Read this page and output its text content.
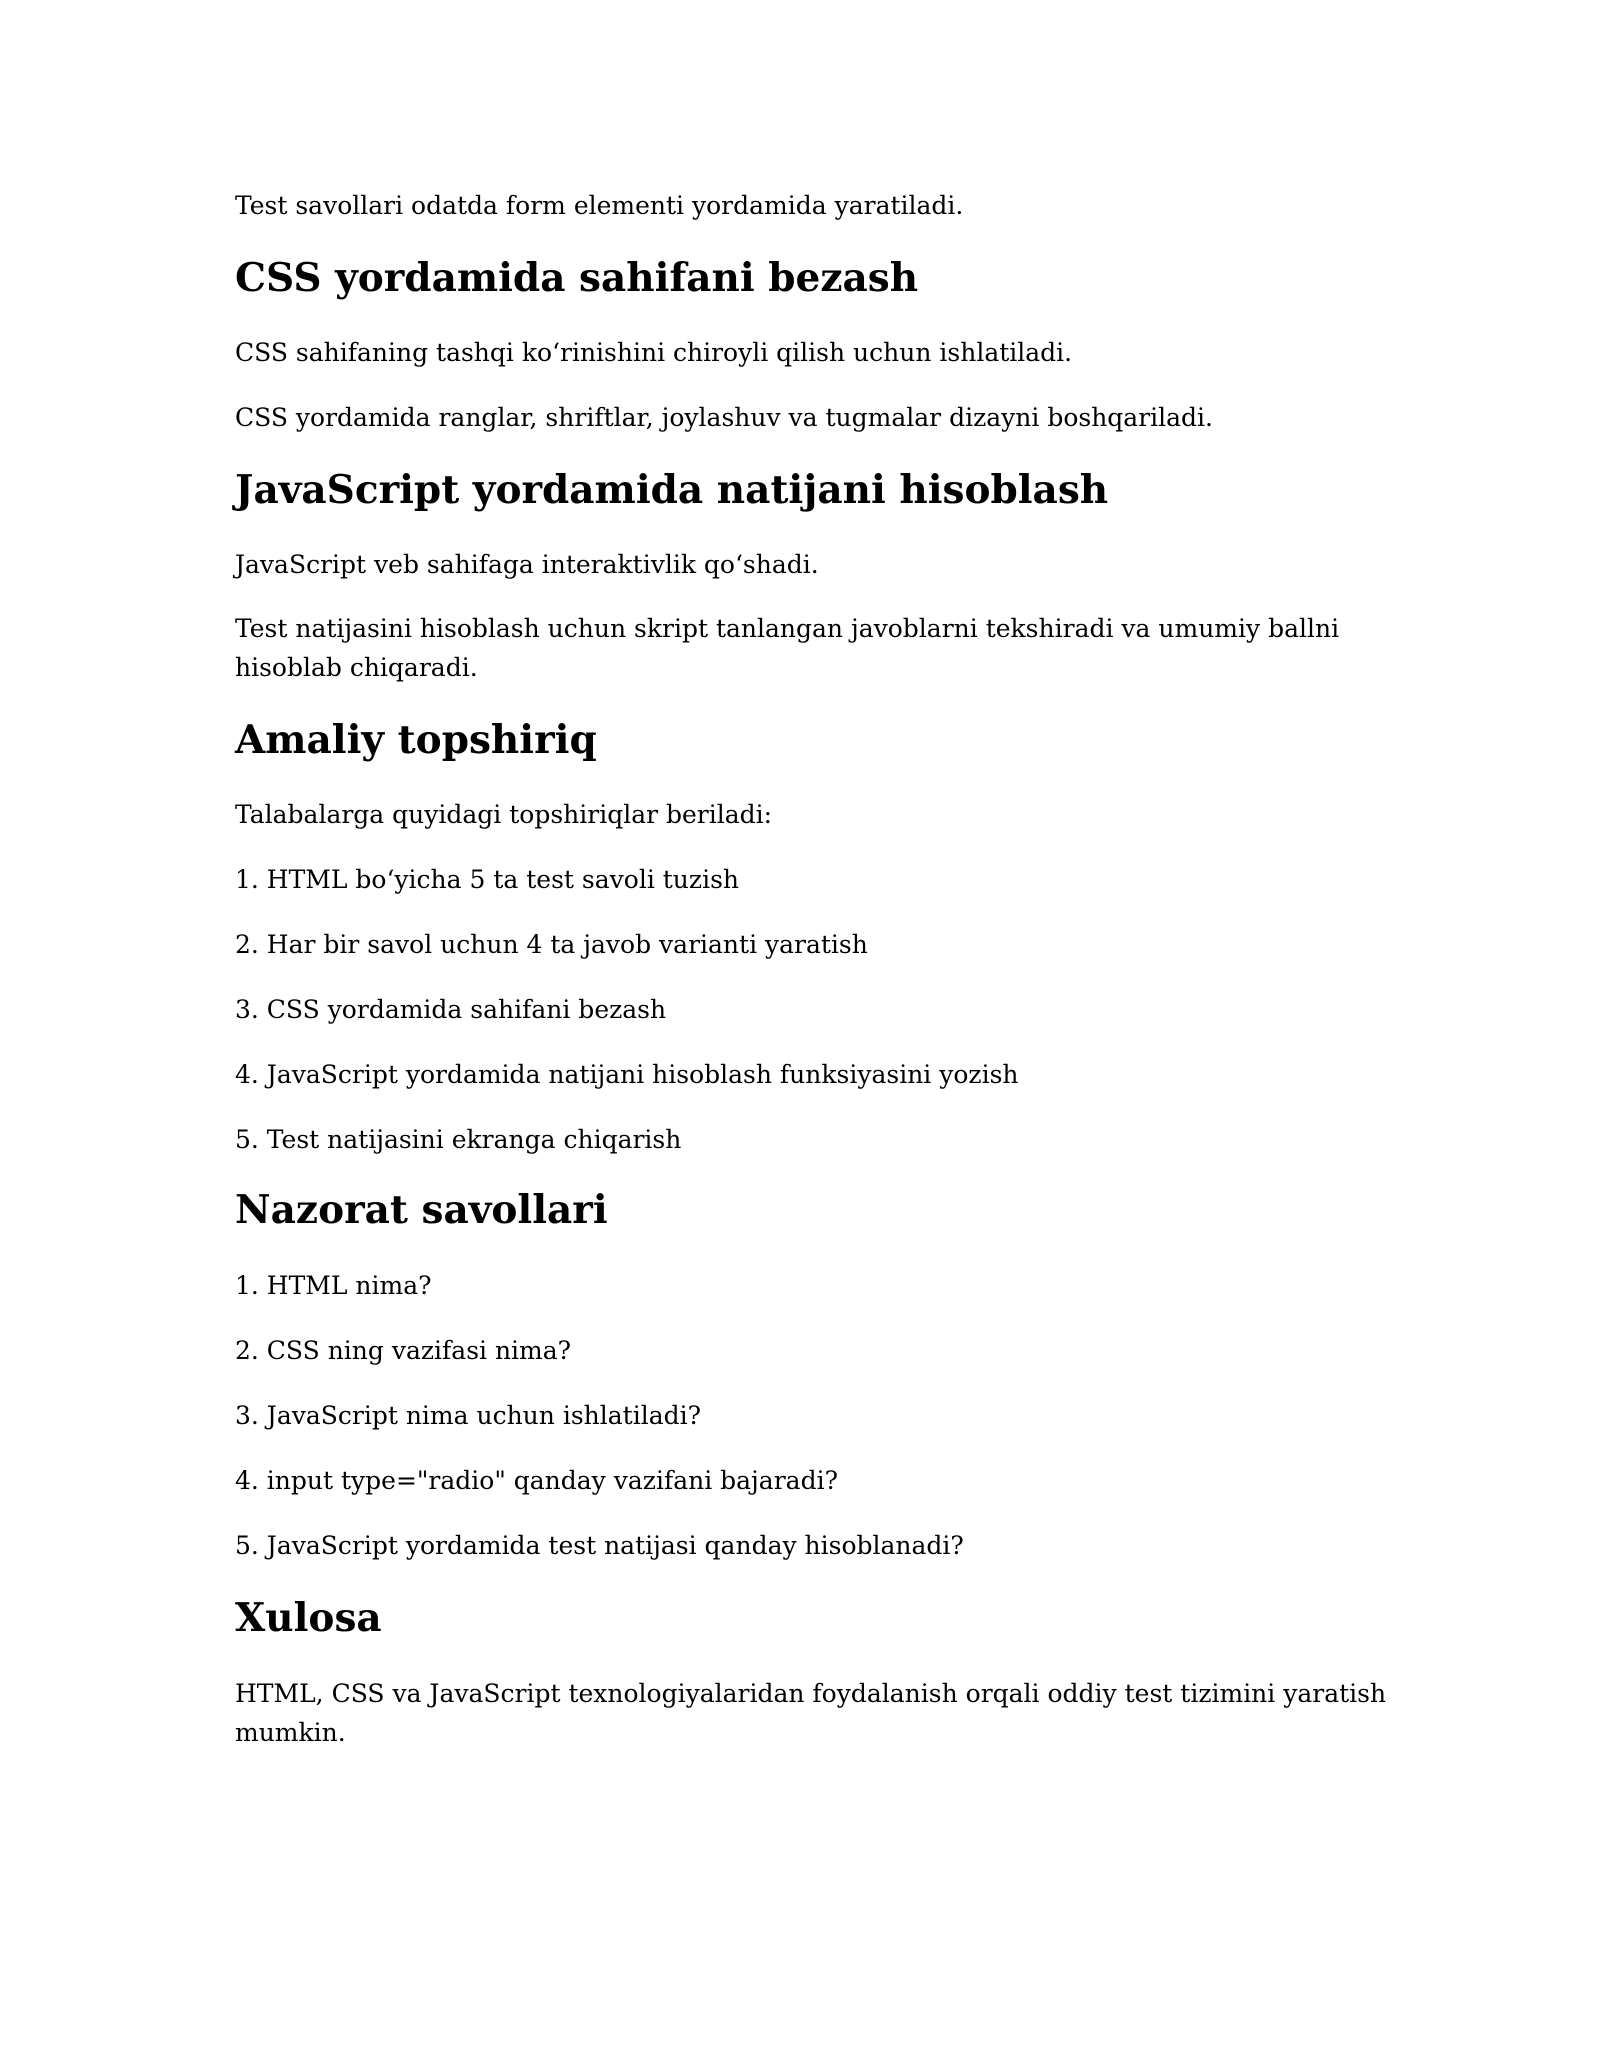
Test savollari odatda form elementi yordamida yaratiladi.

CSS yordamida sahifani bezash

CSS sahifaning tashqi ko‘rinishini chiroyli qilish uchun ishlatiladi.

CSS yordamida ranglar, shriftlar, joylashuv va tugmalar dizayni boshqariladi.

JavaScript yordamida natijani hisoblash

JavaScript veb sahifaga interaktivlik qo‘shadi.

Test natijasini hisoblash uchun skript tanlangan javoblarni tekshiradi va umumiy ballni

hisoblab chiqaradi.

Amaliy topshiriq

Talabalarga quyidagi topshiriqlar beriladi:

1. HTML bo‘yicha 5 ta test savoli tuzish

2. Har bir savol uchun 4 ta javob varianti yaratish

3. CSS yordamida sahifani bezash

4. JavaScript yordamida natijani hisoblash funksiyasini yozish

5. Test natijasini ekranga chiqarish

Nazorat savollari

1. HTML nima?

2. CSS ning vazifasi nima?

3. JavaScript nima uchun ishlatiladi?

4. input type="radio" qanday vazifani bajaradi?

5. JavaScript yordamida test natijasi qanday hisoblanadi?

Xulosa

HTML, CSS va JavaScript texnologiyalaridan foydalanish orqali oddiy test tizimini yaratish

mumkin.
